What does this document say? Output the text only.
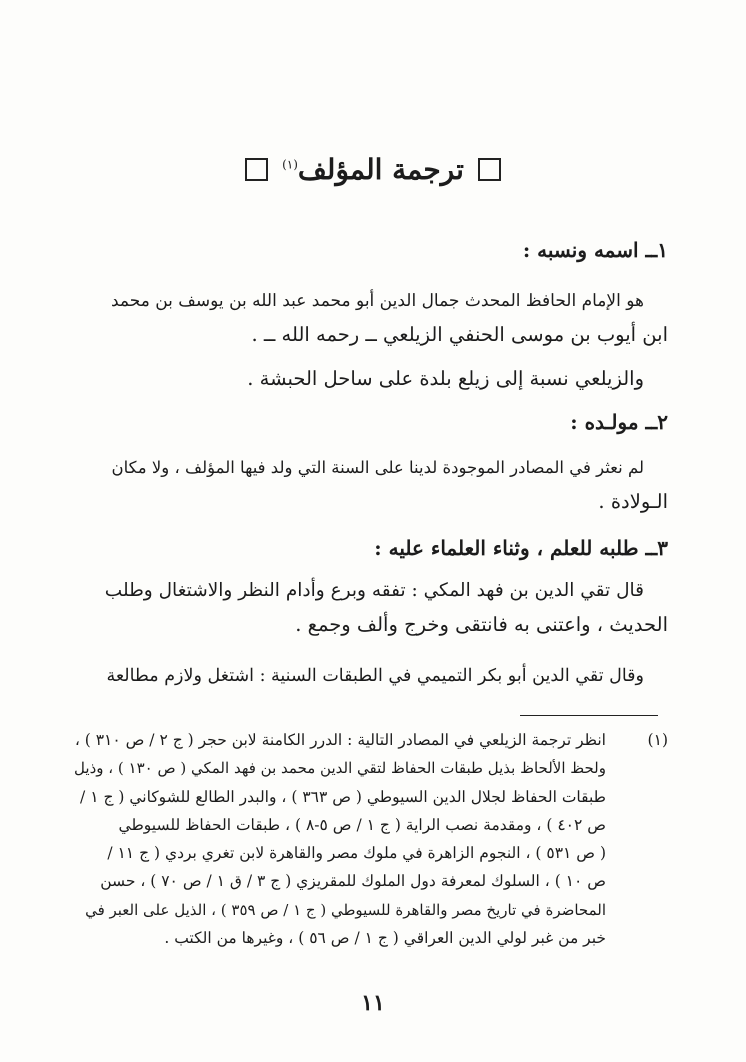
ترجمة المؤلف$^{(١)}$
١ــ اسمه ونسبه :
هو الإمام الحافظ المحدث جمال الدين أبو محمد عبد الله بن يوسف بن محمد
ابن أيوب بن موسى الحنفي الزيلعي ــ رحمه الله ــ .
والزيلعي نسبة إلى زيلع بلدة على ساحل الحبشة .
٢ــ مولـده :
لم نعثر في المصادر الموجودة لدينا على السنة التي ولد فيها المؤلف ، ولا مكان
الـولادة .
٣ــ طلبه للعلم ، وثناء العلماء عليه :
قال تقي الدين بن فهد المكي : تفقه وبرع وأدام النظر والاشتغال وطلب
الحديث ، واعتنى به فانتقى وخرج وألف وجمع .
وقال تقي الدين أبو بكر التميمي في الطبقات السنية : اشتغل ولازم مطالعة
(١)
انظر ترجمة الزيلعي في المصادر التالية : الدرر الكامنة لابن حجر ( ج ٢ / ص ٣١٠ ) ،
ولحظ الألحاظ بذيل طبقات الحفاظ لتقي الدين محمد بن فهد المكي ( ص ١٣٠ ) ، وذيل
طبقات الحفاظ لجلال الدين السيوطي ( ص ٣٦٣ ) ، والبدر الطالع للشوكاني ( ج ١ /
ص ٤٠٢ ) ، ومقدمة نصب الراية ( ج ١ / ص ٥-٨ ) ، طبقات الحفاظ للسيوطي
( ص ٥٣١ ) ، النجوم الزاهرة في ملوك مصر والقاهرة لابن تغري بردي ( ج ١١ /
ص ١٠ ) ، السلوك لمعرفة دول الملوك للمقريزي ( ج ٣ / ق ١ / ص ٧٠ ) ، حسن
المحاضرة في تاريخ مصر والقاهرة للسيوطي ( ج ١ / ص ٣٥٩ ) ، الذيل على العبر في
خبر من غبر لولي الدين العراقي ( ج ١ / ص ٥٦ ) ، وغيرها من الكتب .
١١
